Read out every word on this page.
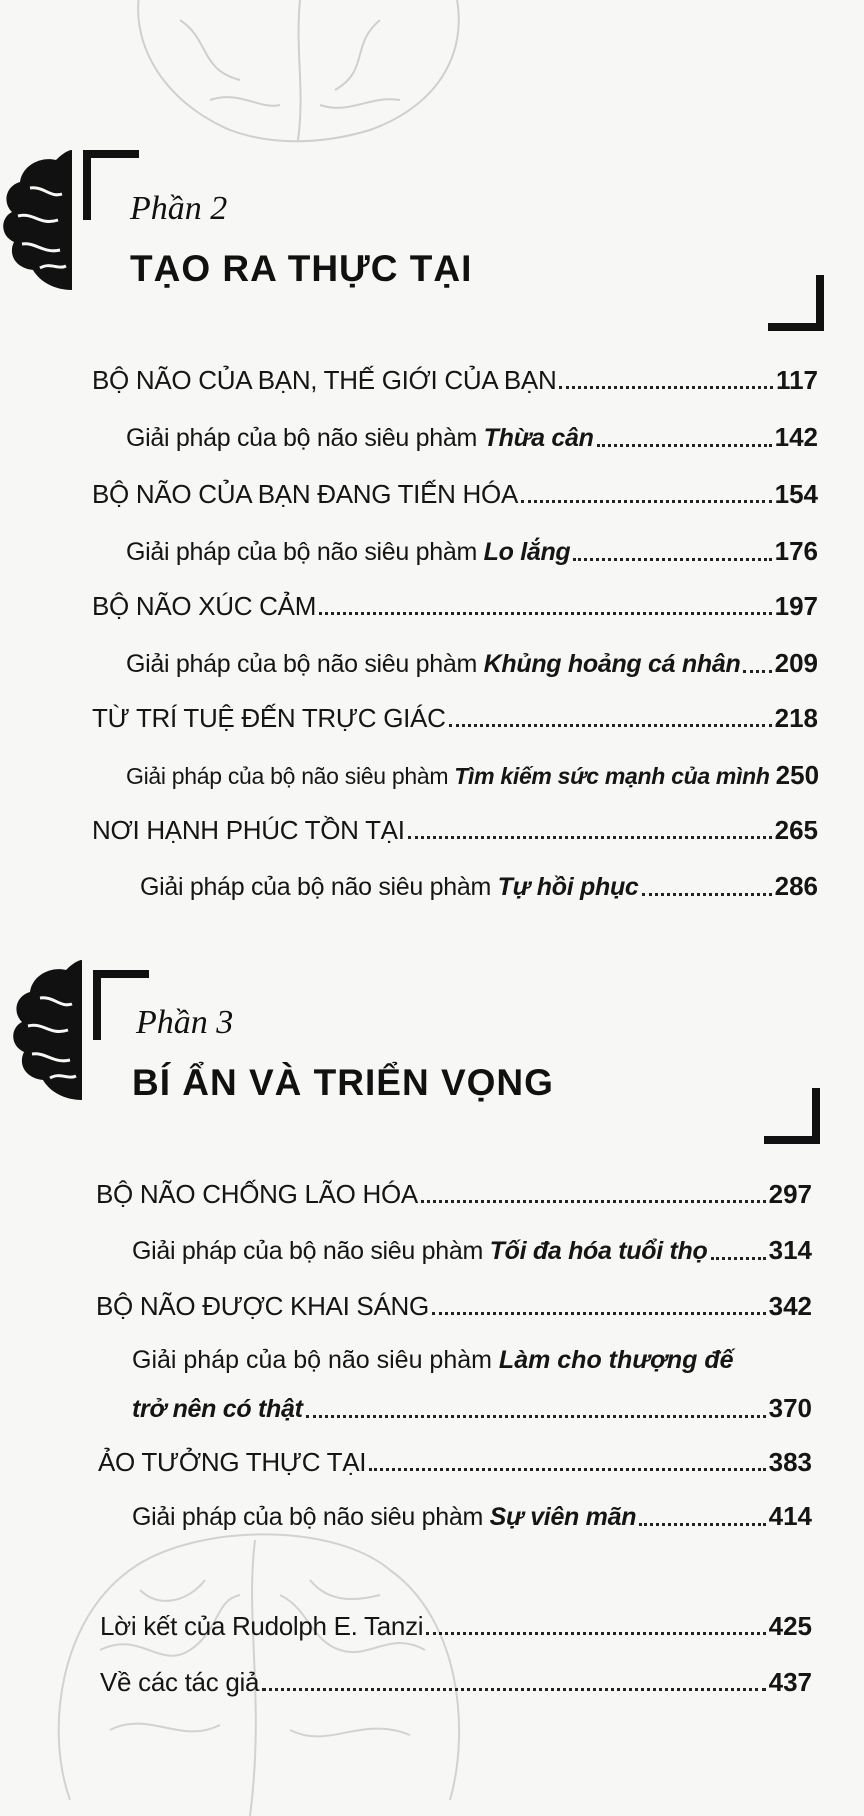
Phần 2
TẠO RA THỰC TẠI
BỘ NÃO CỦA BẠN, THẾ GIỚI CỦA BẠN	117
Giải pháp của bộ não siêu phàm Thừa cân	142
BỘ NÃO CỦA BẠN ĐANG TIẾN HÓA	154
Giải pháp của bộ não siêu phàm Lo lắng	176
BỘ NÃO XÚC CẢM	197
Giải pháp của bộ não siêu phàm Khủng hoảng cá nhân 209
TỪ TRÍ TUỆ ĐẾN TRỰC GIÁC	218
Giải pháp của bộ não siêu phàm Tìm kiếm sức mạnh của mình 250
NƠI HẠNH PHÚC TỒN TẠI	265
Giải pháp của bộ não siêu phàm Tự hồi phục	286
Phần 3
BÍ ẨN VÀ TRIỂN VỌNG
BỘ NÃO CHỐNG LÃO HÓA	297
Giải pháp của bộ não siêu phàm Tối đa hóa tuổi thọ 314
BỘ NÃO ĐƯỢC KHAI SÁNG	342
Giải pháp của bộ não siêu phàm Làm cho thượng đế
trở nên có thật	370
ẢO TƯỞNG THỰC TẠI	383
Giải pháp của bộ não siêu phàm Sự viên mãn	414
Lời kết của Rudolph E. Tanzi	425
Về các tác giả	437
